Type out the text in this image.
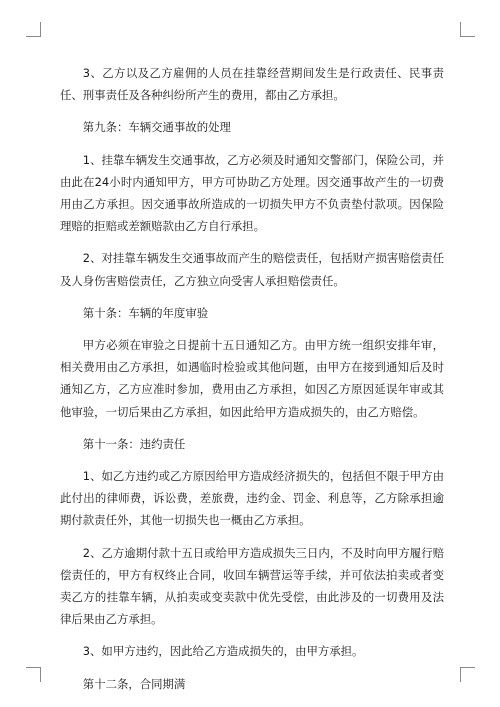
3、乙方以及乙方雇佣的人员在挂靠经营期间发生是行政责任、民事责任、刑事责任及各种纠纷所产生的费用，都由乙方承担。

第九条：车辆交通事故的处理

1、挂靠车辆发生交通事故，乙方必须及时通知交警部门，保险公司，并由此在24小时内通知甲方，甲方可协助乙方处理。因交通事故产生的一切费用由乙方承担。因交通事故所造成的一切损失甲方不负责垫付款项。因保险理赔的拒赔或差额赔款由乙方自行承担。

2、对挂靠车辆发生交通事故而产生的赔偿责任，包括财产损害赔偿责任及人身伤害赔偿责任，乙方独立向受害人承担赔偿责任。

第十条：车辆的年度审验

甲方必须在审验之日提前十五日通知乙方。由甲方统一组织安排年审，相关费用由乙方承担，如遇临时检验或其他问题，由甲方在接到通知后及时通知乙方，乙方应准时参加，费用由乙方承担，如因乙方原因延误年审或其他审验，一切后果由乙方承担，如因此给甲方造成损失的，由乙方赔偿。

第十一条：违约责任

1、如乙方违约或乙方原因给甲方造成经济损失的，包括但不限于甲方由此付出的律师费，诉讼费，差旅费，违约金、罚金、利息等，乙方除承担逾期付款责任外，其他一切损失也一概由乙方承担。

2、乙方逾期付款十五日或给甲方造成损失三日内，不及时向甲方履行赔偿责任的，甲方有权终止合同，收回车辆营运等手续，并可依法拍卖或者变卖乙方的挂靠车辆，从拍卖或变卖款中优先受偿，由此涉及的一切费用及法律后果由乙方承担。

3、如甲方违约，因此给乙方造成损失的，由甲方承担。

第十二条，合同期满
